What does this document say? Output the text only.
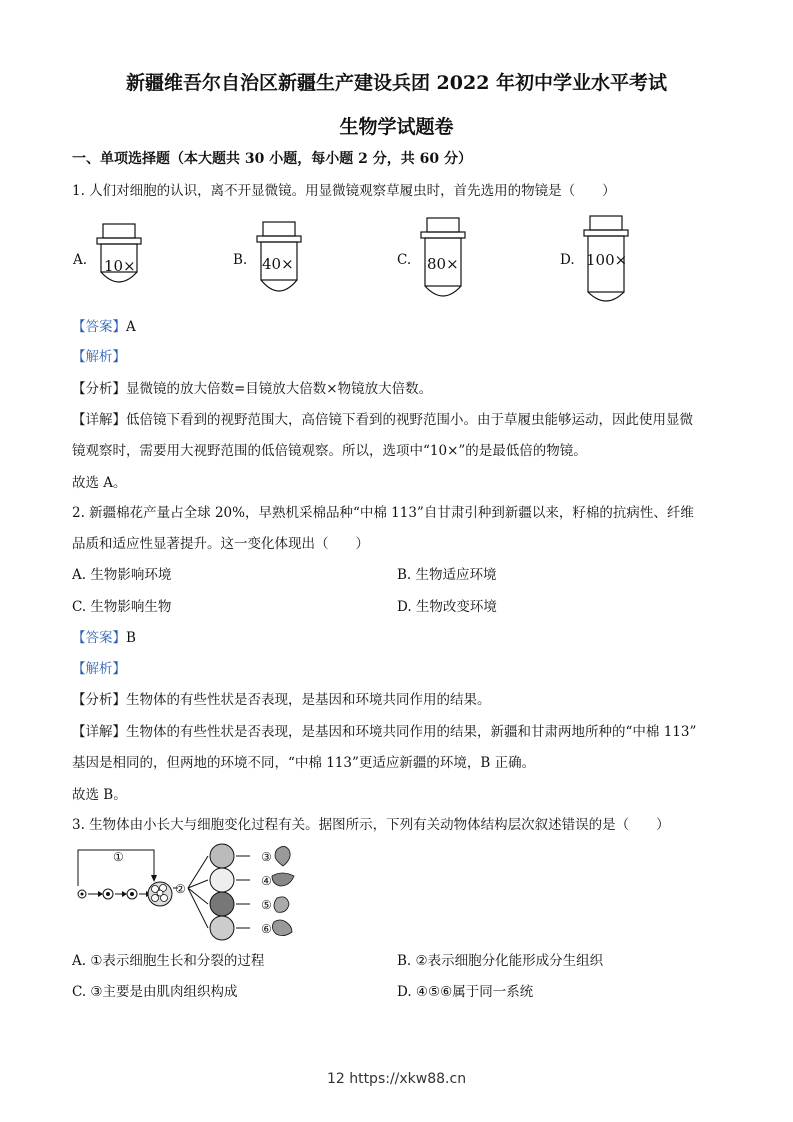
新疆维吾尔自治区新疆生产建设兵团 2022 年初中学业水平考试
生物学试题卷
一、单项选择题（本大题共 30 小题，每小题 2 分，共 60 分）
1. 人们对细胞的认识，离不开显微镜。用显微镜观察草履虫时，首先选用的物镜是（　　）
A. 10×	B. 40×	C. 80×	D. 100×
【答案】A
【解析】
【分析】显微镜的放大倍数=目镜放大倍数×物镜放大倍数。
【详解】低倍镜下看到的视野范围大，高倍镜下看到的视野范围小。由于草履虫能够运动，因此使用显微
镜观察时，需要用大视野范围的低倍镜观察。所以，选项中“10×”的是最低倍的物镜。
故选 A。
2. 新疆棉花产量占全球 20%，早熟机采棉品种“中棉 113”自甘肃引种到新疆以来，籽棉的抗病性、纤维
品质和适应性显著提升。这一变化体现出（　　）
A. 生物影响环境	B. 生物适应环境
C. 生物影响生物	D. 生物改变环境
【答案】B
【解析】
【分析】生物体的有些性状是否表现，是基因和环境共同作用的结果。
【详解】生物体的有些性状是否表现，是基因和环境共同作用的结果，新疆和甘肃两地所种的“中棉 113”
基因是相同的，但两地的环境不同，“中棉 113”更适应新疆的环境，B 正确。
故选 B。
3. 生物体由小长大与细胞变化过程有关。据图所示，下列有关动物体结构层次叙述错误的是（　　）
①
②
③
④
⑤
⑥
A. ①表示细胞生长和分裂的过程	B. ②表示细胞分化能形成分生组织
C. ③主要是由肌肉组织构成	D. ④⑤⑥属于同一系统
12 https://xkw88.cn
